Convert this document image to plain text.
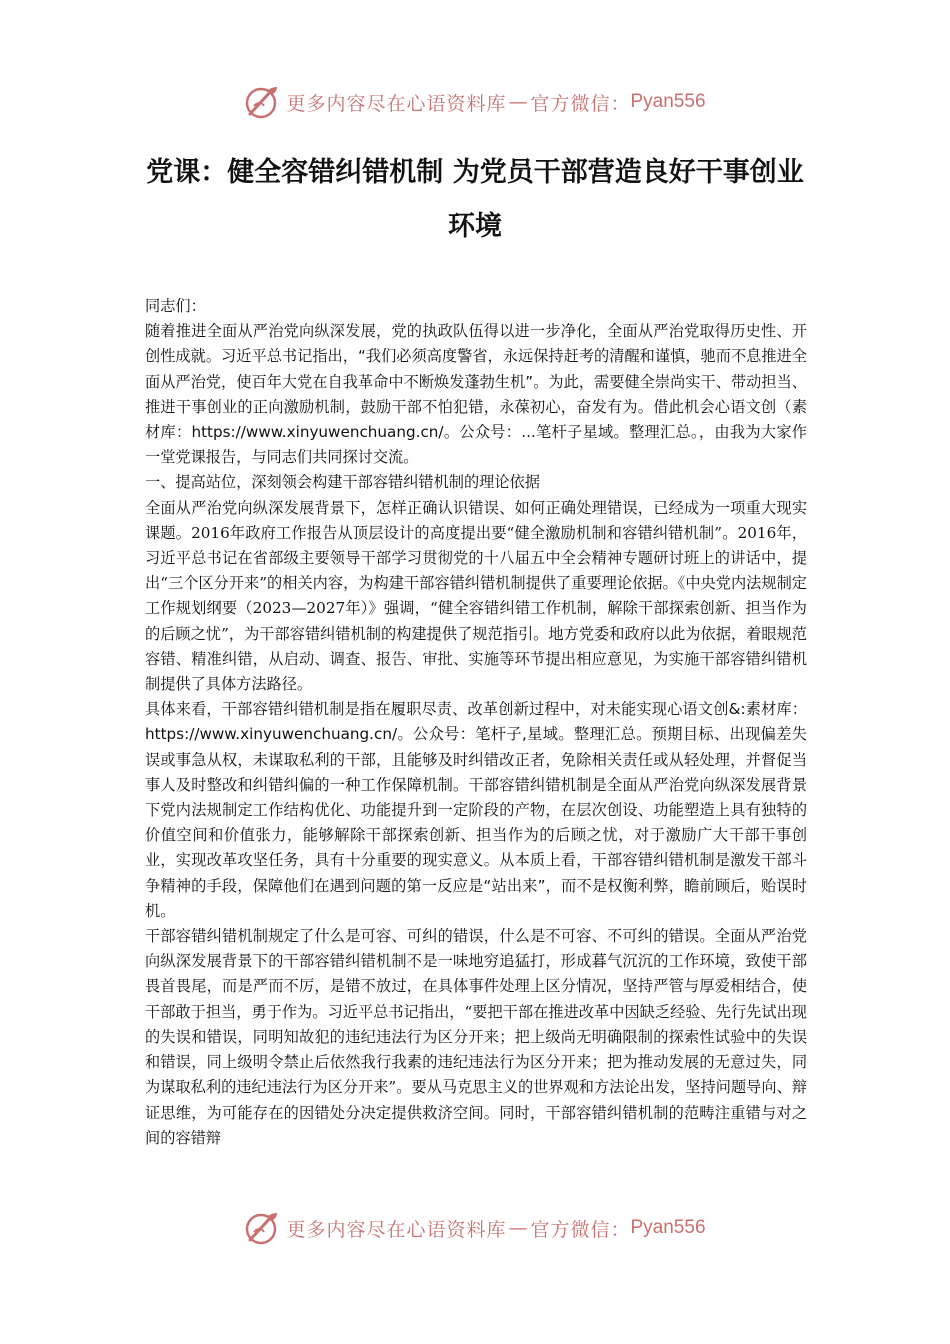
更多内容尽在心语资料库 — 官方微信： Pyan556
党课：健全容错纠错机制 为党员干部营造良好干事创业环境

同志们：

随着推进全面从严治党向纵深发展，党的执政队伍得以进一步净化，全面从严治党取得历史性、开创性成就。习近平总书记指出，“我们必须高度警省，永远保持赶考的清醒和谨慎，驰而不息推进全面从严治党，使百年大党在自我革命中不断焕发蓬勃生机”。为此，需要健全崇尚实干、带动担当、推进干事创业的正向激励机制，鼓励干部不怕犯错，永葆初心，奋发有为。借此机会心语文创（素材库：https://www.xinyuwenchuang.cn/。公众号：...笔杆子星域。整理汇总。，由我为大家作一堂党课报告，与同志们共同探讨交流。

一、提高站位，深刻领会构建干部容错纠错机制的理论依据

全面从严治党向纵深发展背景下，怎样正确认识错误、如何正确处理错误，已经成为一项重大现实课题。2016年政府工作报告从顶层设计的高度提出要“健全激励机制和容错纠错机制”。2016年，习近平总书记在省部级主要领导干部学习贯彻党的十八届五中全会精神专题研讨班上的讲话中，提出“三个区分开来”的相关内容，为构建干部容错纠错机制提供了重要理论依据。《中央党内法规制定工作规划纲要（2023—2027年）》强调，“健全容错纠错工作机制，解除干部探索创新、担当作为的后顾之忧”，为干部容错纠错机制的构建提供了规范指引。地方党委和政府以此为依据，着眼规范容错、精准纠错，从启动、调查、报告、审批、实施等环节提出相应意见，为实施干部容错纠错机制提供了具体方法路径。

具体来看，干部容错纠错机制是指在履职尽责、改革创新过程中，对未能实现心语文创&:素材库：https://www.xinyuwenchuang.cn/。公众号：笔杆子,星域。整理汇总。预期目标、出现偏差失误或事急从权，未谋取私利的干部，且能够及时纠错改正者，免除相关责任或从轻处理，并督促当事人及时整改和纠错纠偏的一种工作保障机制。干部容错纠错机制是全面从严治党向纵深发展背景下党内法规制定工作结构优化、功能提升到一定阶段的产物，在层次创设、功能塑造上具有独特的价值空间和价值张力，能够解除干部探索创新、担当作为的后顾之忧，对于激励广大干部干事创业，实现改革攻坚任务，具有十分重要的现实意义。从本质上看，干部容错纠错机制是激发干部斗争精神的手段，保障他们在遇到问题的第一反应是“站出来”，而不是权衡利弊，瞻前顾后，贻误时机。

干部容错纠错机制规定了什么是可容、可纠的错误，什么是不可容、不可纠的错误。全面从严治党向纵深发展背景下的干部容错纠错机制不是一味地穷追猛打，形成暮气沉沉的工作环境，致使干部畏首畏尾，而是严而不厉，是错不放过，在具体事件处理上区分情况，坚持严管与厚爱相结合，使干部敢于担当，勇于作为。习近平总书记指出，“要把干部在推进改革中因缺乏经验、先行先试出现的失误和错误，同明知故犯的违纪违法行为区分开来；把上级尚无明确限制的探索性试验中的失误和错误，同上级明令禁止后依然我行我素的违纪违法行为区分开来；把为推动发展的无意过失，同为谋取私利的违纪违法行为区分开来”。要从马克思主义的世界观和方法论出发，坚持问题导向、辩证思维，为可能存在的因错处分决定提供救济空间。同时，干部容错纠错机制的范畴注重错与对之间的容错辩

更多内容尽在心语资料库 — 官方微信： Pyan556
